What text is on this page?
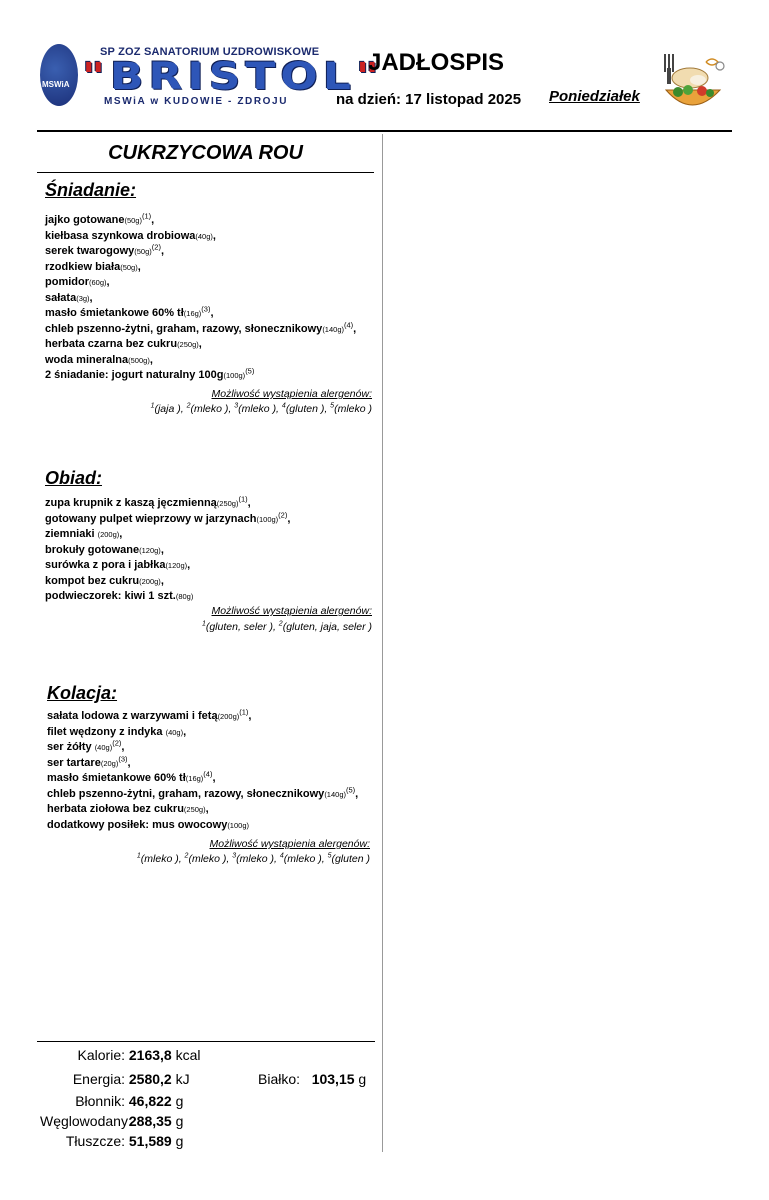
MSWiA
SP ZOZ SANATORIUM UZDROWISKOWE
"BRISTOL"
MSWiA w KUDOWIE - ZDROJU
JADŁOSPIS
na dzień: 17 listopad 2025 Poniedziałek
CUKRZYCOWA ROU
Śniadanie:
jajko $gotowane(50g)^{(1)}$,
kiełbasa szynkowa drobiowa(40g),
serek $twarogowy(50g)^{(2)}$,
rzodkiew biała(50g),
pomidor(60g),
sałata(3g),
masło śmietankowe 60% $tł(16g)^{(3)}$,
chleb pszenno-żytni, graham, razowy, $słonecznikowy(140g)^{(4)}$,
herbata czarna bez cukru(250g),
woda mineralna(500g),
2 śniadanie: jogurt naturalny $100g(100g)^{(5)}$
Możliwość wystąpienia alergenów:
$^1$(jaja ), $^2$(mleko ), $^3$(mleko ), $^4$(gluten ), $^5$(mleko )
Obiad:
zupa krupnik z kaszą $jęczmienną(250g)^{(1)}$,
gotowany pulpet wieprzowy w $jarzynach(100g)^{(2)}$,
ziemniaki (200g),
brokuły gotowane(120g),
surówka z pora i jabłka(120g),
kompot bez cukru(200g),
podwieczorek: kiwi 1 szt.(80g)
Możliwość wystąpienia alergenów:
$^1$(gluten, seler ), $^2$(gluten, jaja, seler )
Kolacja:
sałata lodowa z warzywami i $fetą(200g)^{(1)}$,
filet wędzony z indyka (40g),
ser żółty $(40g)^{(2)}$,
ser $tartare(20g)^{(3)}$,
masło śmietankowe 60% $tł(16g)^{(4)}$,
chleb pszenno-żytni, graham, razowy, $słonecznikowy(140g)^{(5)}$,
herbata ziołowa bez cukru(250g),
dodatkowy posiłek: mus owocowy(100g)
Możliwość wystąpienia alergenów:
$^1$(mleko ), $^2$(mleko ), $^3$(mleko ), $^4$(mleko ), $^5$(gluten )
Kalorie: 2163,8 kcal
Energia: 2580,2 kJ	Białko: 103,15 g
Błonnik: 46,822 g
Węglowodany: 288,35 g
Tłuszcze: 51,589 g
